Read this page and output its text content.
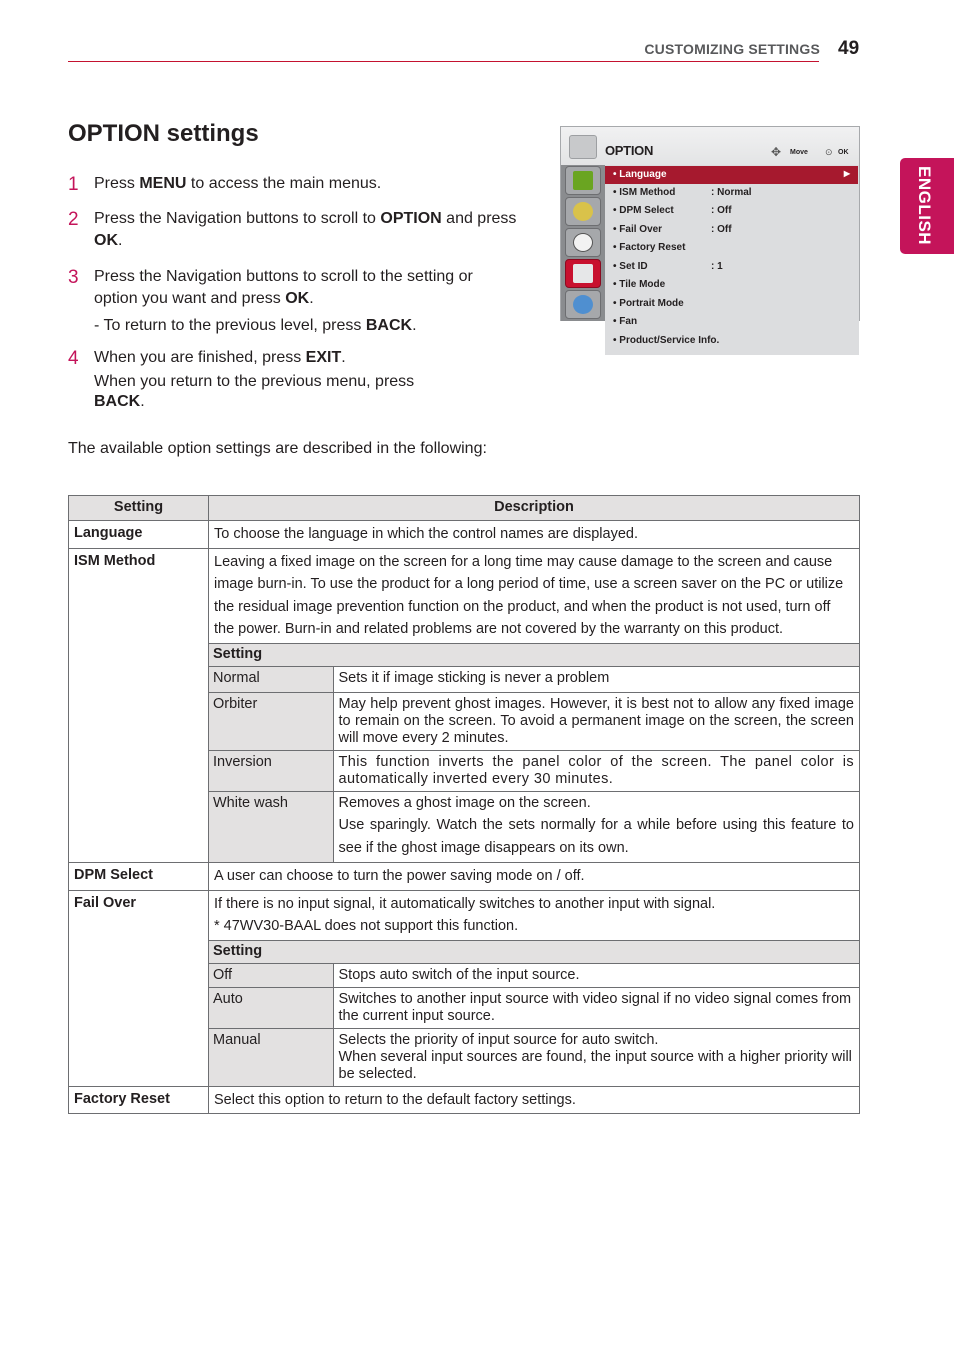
CUSTOMIZING SETTINGS 49
ENGLISH
OPTION settings
1 Press MENU to access the main menus.
2 Press the Navigation buttons to scroll to OPTION and press OK.
3 Press the Navigation buttons to scroll to the setting or option you want and press OK.
- To return to the previous level, press BACK.
4 When you are finished, press EXIT.
When you return to the previous menu, press BACK.
The available option settings are described in the following:
OPTION	✥ Move ⊙ OK
• Language	▶
• ISM Method	: Normal
• DPM Select	: Off
• Fail Over	: Off
• Factory Reset
• Set ID	: 1
• Tile Mode
• Portrait Mode
• Fan
• Product/Service Info.
Setting	Description
Language	To choose the language in which the control names are displayed.

ISM Method	Leaving a fixed image on the screen for a long time may cause damage to the screen and cause image burn-in. To use the product for a long period of time, use a screen saver on the PC or utilize the residual image prevention function on the product, and when the product is not used, turn off the power. Burn-in and related problems are not covered by the warranty on this product.
Setting
Normal	Sets it if image sticking is never a problem
Orbiter	May help prevent ghost images. However, it is best not to allow any fixed image to remain on the screen. To avoid a permanent image on the screen, the screen will move every 2 minutes.
Inversion	This function inverts the panel color of the screen. The panel color is automatically inverted every 30 minutes.
White wash	Removes a ghost image on the screen.
Use sparingly. Watch the sets normally for a while before using this feature to see if the ghost image disappears on its own.

DPM Select	A user can choose to turn the power saving mode on / off.

Fail Over	If there is no input signal, it automatically switches to another input with signal.
* 47WV30-BAAL does not support this function.
Setting
Off	Stops auto switch of the input source.
Auto	Switches to another input source with video signal if no video signal comes from the current input source.
Manual	Selects the priority of input source for auto switch.
When several input sources are found, the input source with a higher priority will be selected.

Factory Reset	Select this option to return to the default factory settings.
